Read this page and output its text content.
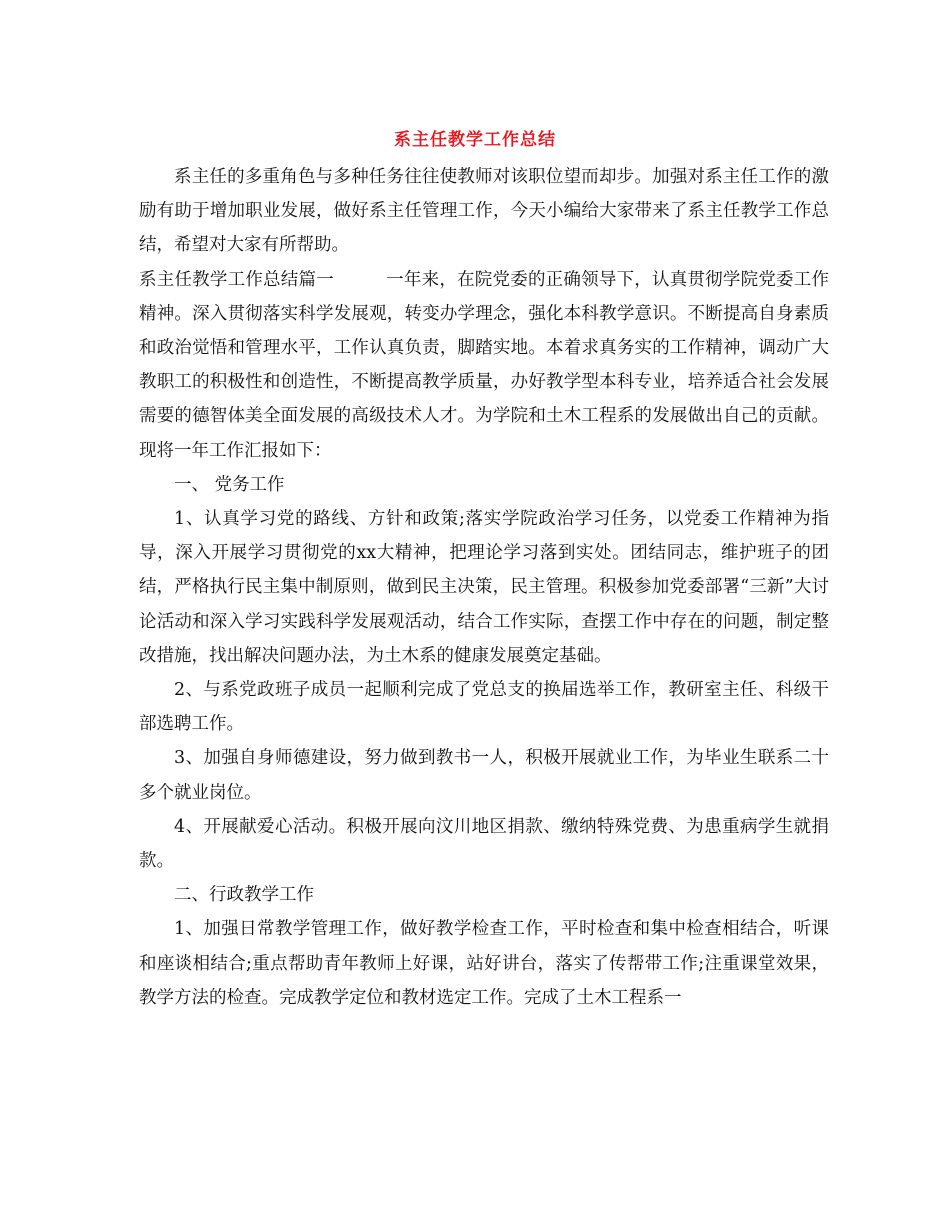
系主任教学工作总结

系主任的多重角色与多种任务往往使教师对该职位望而却步。加强对系主任工作的激励有助于增加职业发展，做好系主任管理工作，今天小编给大家带来了系主任教学工作总结，希望对大家有所帮助。

系主任教学工作总结篇一	一年来，在院党委的正确领导下，认真贯彻学院党委工作精神。深入贯彻落实科学发展观，转变办学理念，强化本科教学意识。不断提高自身素质和政治觉悟和管理水平，工作认真负责，脚踏实地。本着求真务实的工作精神，调动广大教职工的积极性和创造性，不断提高教学质量，办好教学型本科专业，培养适合社会发展需要的德智体美全面发展的高级技术人才。为学院和土木工程系的发展做出自己的贡献。现将一年工作汇报如下：

一、 党务工作

1、认真学习党的路线、方针和政策;落实学院政治学习任务，以党委工作精神为指导，深入开展学习贯彻党的xx大精神，把理论学习落到实处。团结同志，维护班子的团结，严格执行民主集中制原则，做到民主决策，民主管理。积极参加党委部署“三新”大讨论活动和深入学习实践科学发展观活动，结合工作实际，查摆工作中存在的问题，制定整改措施，找出解决问题办法，为土木系的健康发展奠定基础。

2、与系党政班子成员一起顺利完成了党总支的换届选举工作，教研室主任、科级干部选聘工作。

3、加强自身师德建设，努力做到教书一人，积极开展就业工作，为毕业生联系二十多个就业岗位。

4、开展献爱心活动。积极开展向汶川地区捐款、缴纳特殊党费、为患重病学生就捐款。

二、行政教学工作

1、加强日常教学管理工作，做好教学检查工作，平时检查和集中检查相结合，听课和座谈相结合;重点帮助青年教师上好课，站好讲台，落实了传帮带工作;注重课堂效果，教学方法的检查。完成教学定位和教材选定工作。完成了土木工程系一
